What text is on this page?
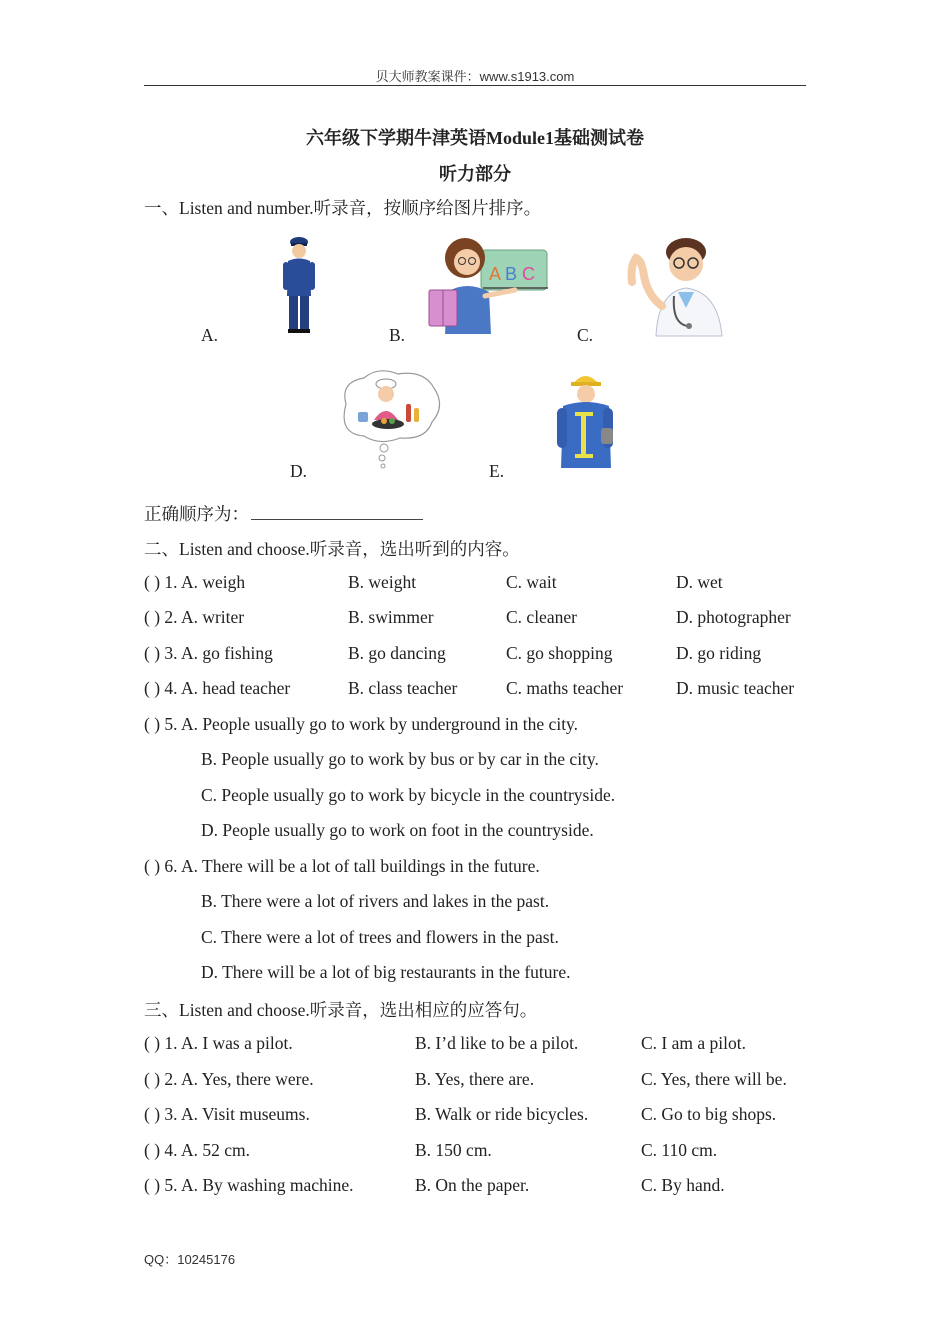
贝大师教案课件：www.s1913.com
六年级下学期牛津英语Module1基础测试卷
听力部分
一、Listen and number.听录音，按顺序给图片排序。
A.	B.	C.
D.	E.
A B C
正确顺序为：
二、Listen and choose.听录音，选出听到的内容。
( ) 1. A. weigh	B. weight	C. wait	D. wet
( ) 2. A. writer	B. swimmer	C. cleaner	D. photographer
( ) 3. A. go fishing	B. go dancing	C. go shopping	D. go riding
( ) 4. A. head teacher	B. class teacher	C. maths teacher	D. music teacher
( ) 5. A. People usually go to work by underground in the city.
B. People usually go to work by bus or by car in the city.
C. People usually go to work by bicycle in the countryside.
D. People usually go to work on foot in the countryside.
( ) 6. A. There will be a lot of tall buildings in the future.
B. There were a lot of rivers and lakes in the past.
C. There were a lot of trees and flowers in the past.
D. There will be a lot of big restaurants in the future.
三、Listen and choose.听录音，选出相应的应答句。
( ) 1. A. I was a pilot.	B. I’d like to be a pilot.	C. I am a pilot.
( ) 2. A. Yes, there were.	B. Yes, there are.	C. Yes, there will be.
( ) 3. A. Visit museums.	B. Walk or ride bicycles.	C. Go to big shops.
( ) 4. A. 52 cm.	B. 150 cm.	C. 110 cm.
( ) 5. A. By washing machine.	B. On the paper.	C. By hand.
QQ：10245176
